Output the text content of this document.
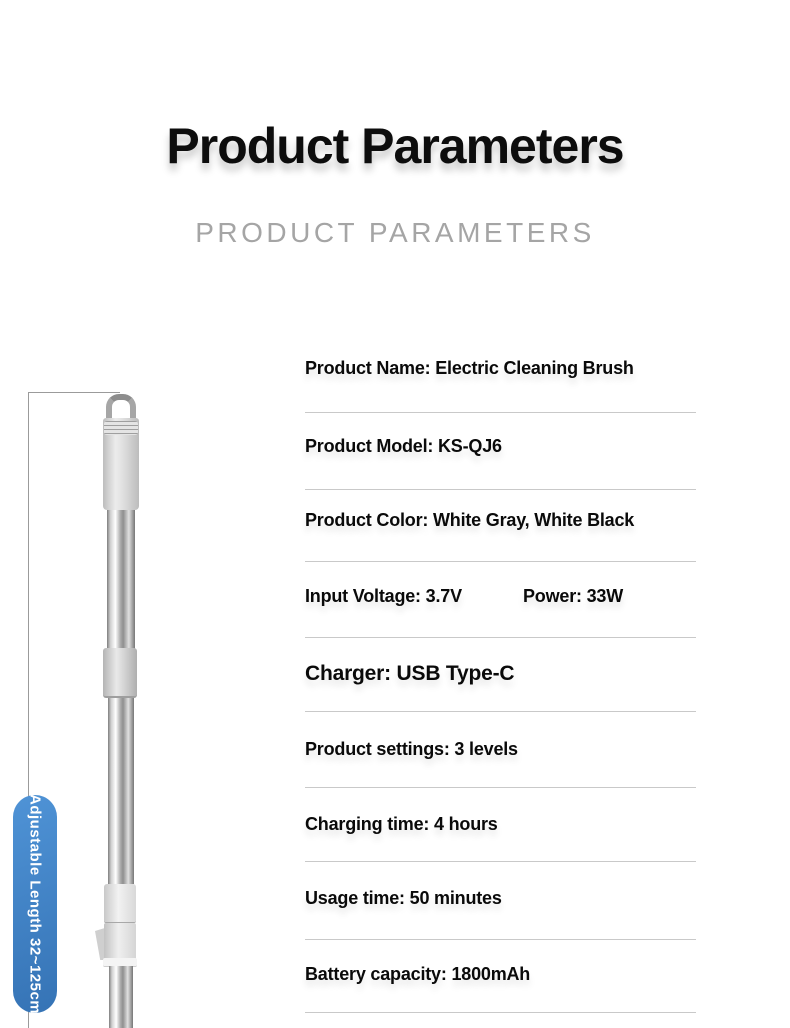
Product Parameters
PRODUCT PARAMETERS
Adjustable Length 32~125cm
Product Name: Electric Cleaning Brush
Product Model: KS-QJ6
Product Color: White Gray, White Black
Input Voltage: 3.7V	Power: 33W
Charger: USB Type-C
Product settings: 3 levels
Charging time: 4 hours
Usage time: 50 minutes
Battery capacity: 1800mAh
